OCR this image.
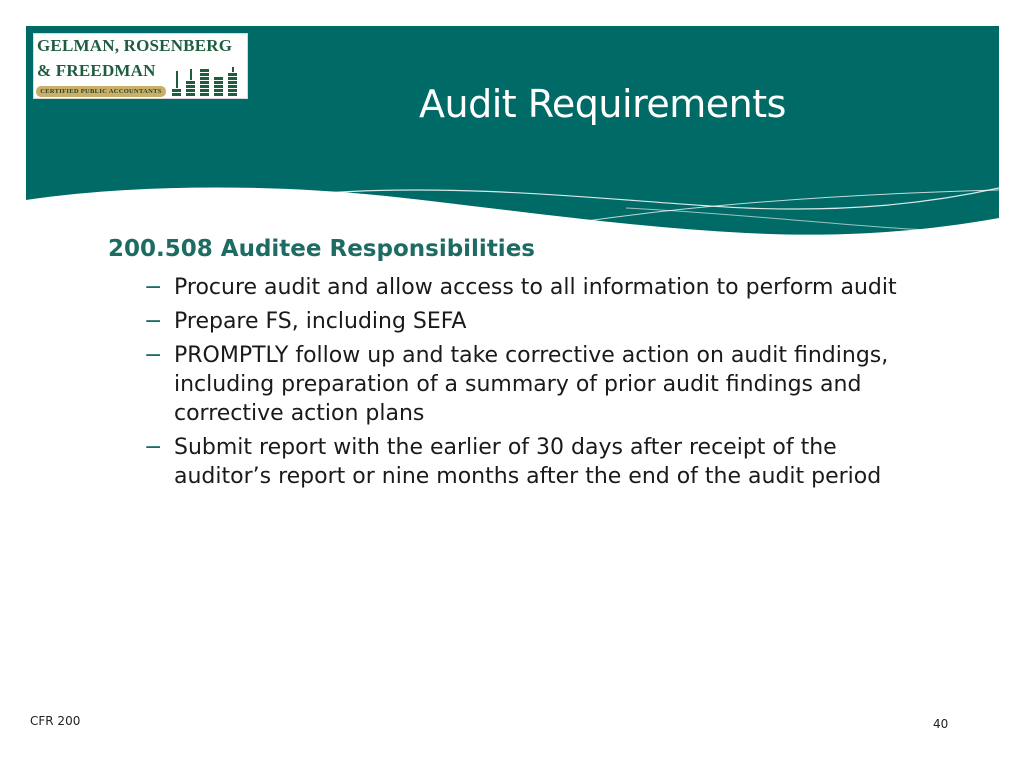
GELMAN, ROSENBERG
& FREEDMAN
CERTIFIED PUBLIC ACCOUNTANTS	Audit Requirements
200.508 Auditee Responsibilities
− Procure audit and allow access to all information to perform audit
− Prepare FS, including SEFA
− PROMPTLY follow up and take corrective action on audit findings, including preparation of a summary of prior audit findings and corrective action plans
− Submit report with the earlier of 30 days after receipt of the auditor’s report or nine months after the end of the audit period
CFR 200	40
